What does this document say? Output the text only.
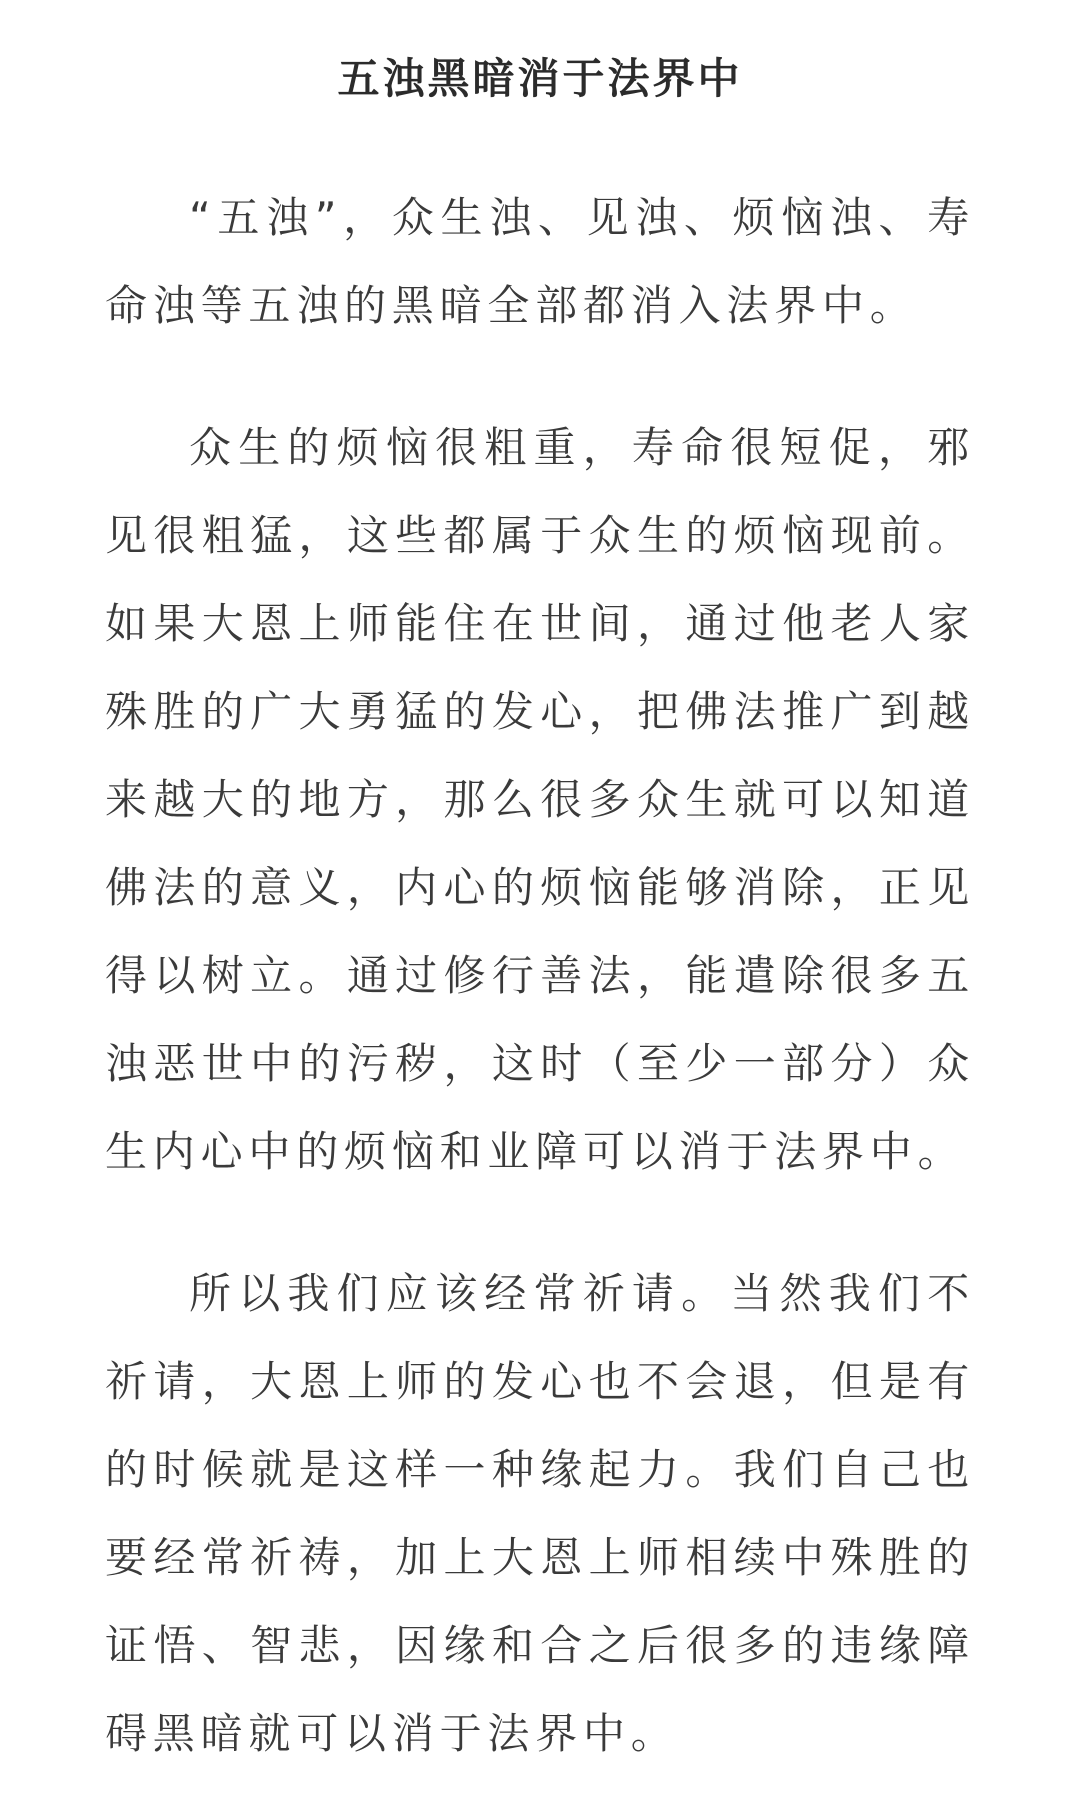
五浊黑暗消于法界中

“五浊”，众生浊、见浊、烦恼浊、寿命浊等五浊的黑暗全部都消入法界中。

众生的烦恼很粗重，寿命很短促，邪见很粗猛，这些都属于众生的烦恼现前。如果大恩上师能住在世间，通过他老人家殊胜的广大勇猛的发心，把佛法推广到越来越大的地方，那么很多众生就可以知道佛法的意义，内心的烦恼能够消除，正见得以树立。通过修行善法，能遣除很多五浊恶世中的污秽，这时（至少一部分）众生内心中的烦恼和业障可以消于法界中。

所以我们应该经常祈请。当然我们不祈请，大恩上师的发心也不会退，但是有的时候就是这样一种缘起力。我们自己也要经常祈祷，加上大恩上师相续中殊胜的证悟、智悲，因缘和合之后很多的违缘障碍黑暗就可以消于法界中。
